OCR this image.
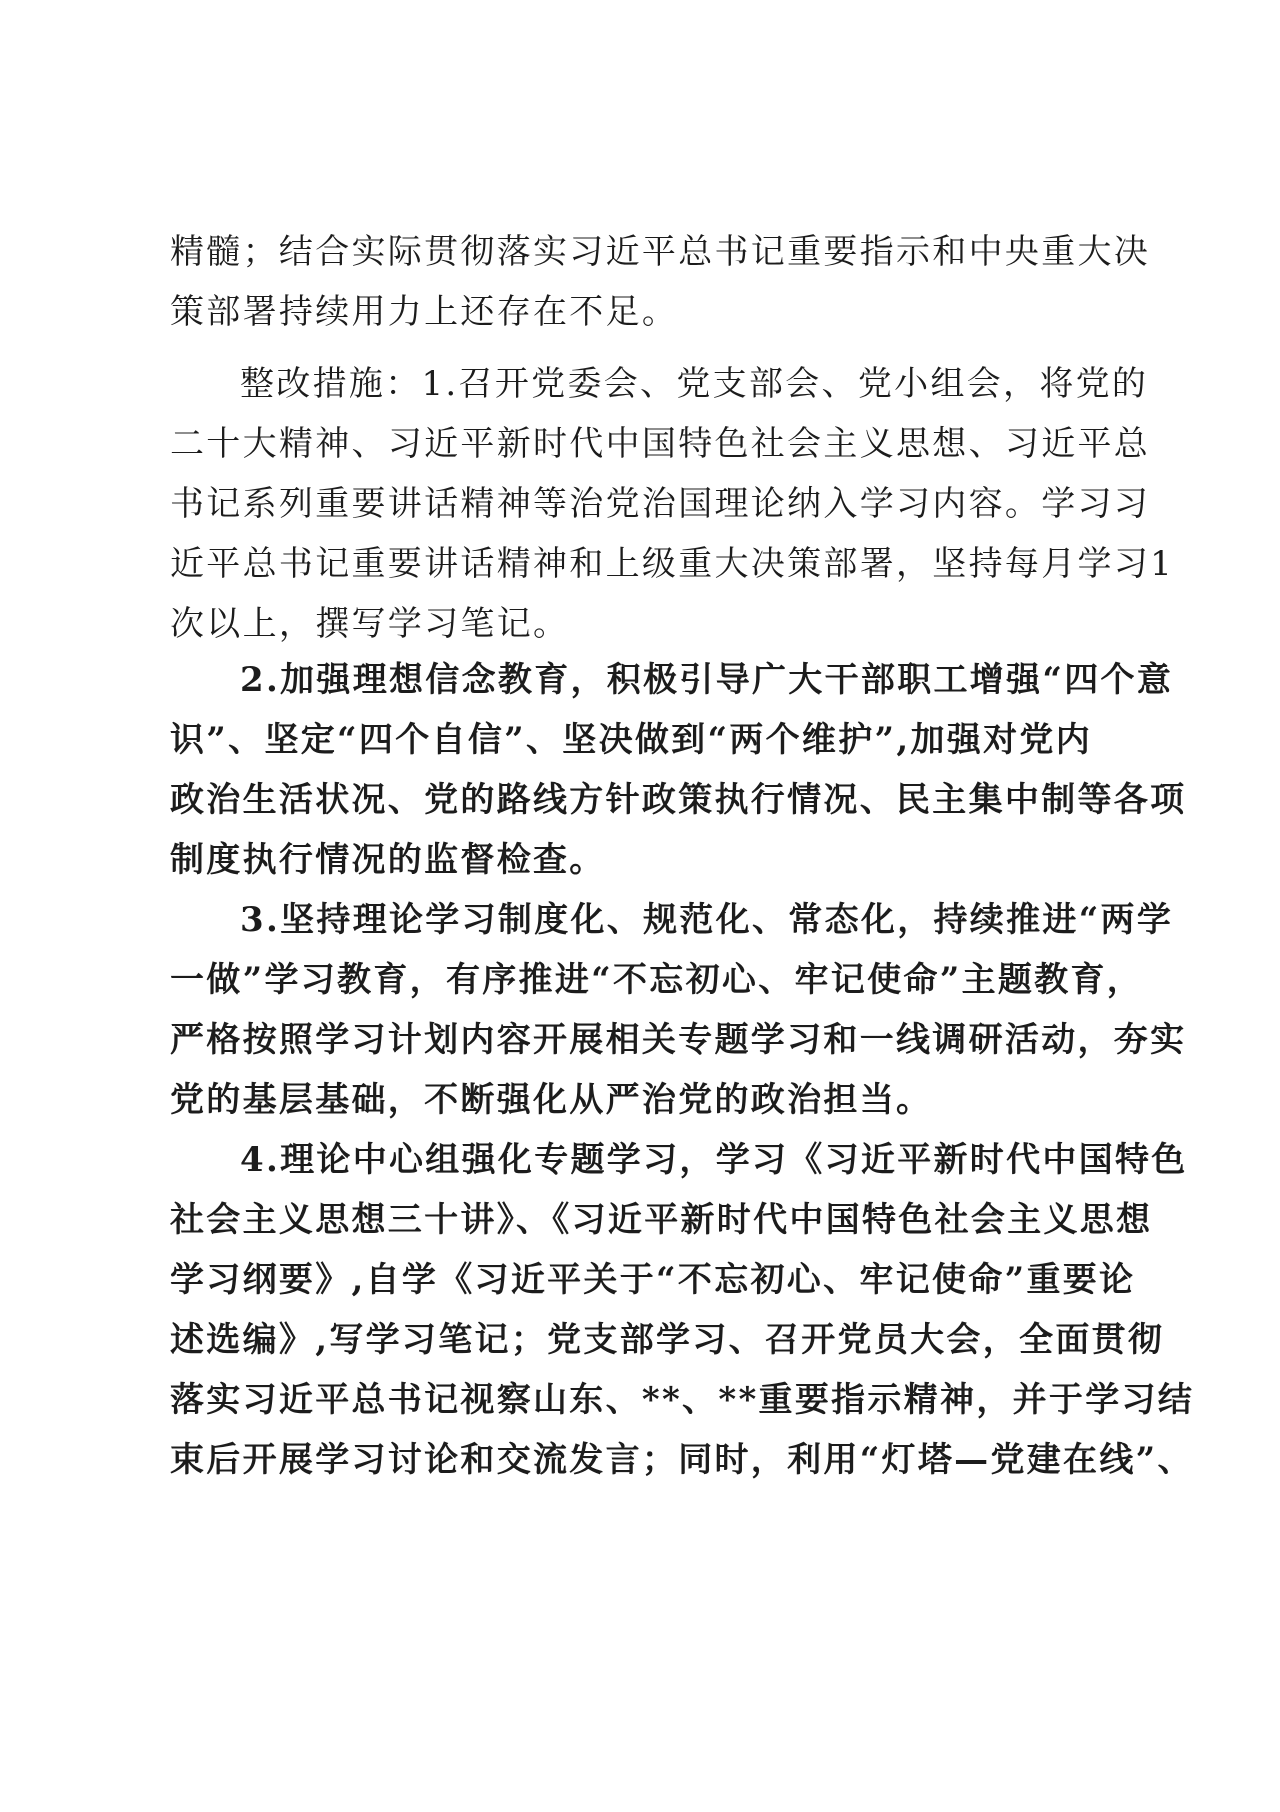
精髓；结合实际贯彻落实习近平总书记重要指示和中央重大决
策部署持续用力上还存在不足。
整改措施：1.召开党委会、党支部会、党小组会，将党的
二十大精神、习近平新时代中国特色社会主义思想、习近平总
书记系列重要讲话精神等治党治国理论纳入学习内容。学习习
近平总书记重要讲话精神和上级重大决策部署，坚持每月学习1
次以上，撰写学习笔记。
2.加强理想信念教育，积极引导广大干部职工增强“四个意
识”、坚定“四个自信”、坚决做到“两个维护”,加强对党内
政治生活状况、党的路线方针政策执行情况、民主集中制等各项
制度执行情况的监督检查。
3.坚持理论学习制度化、规范化、常态化，持续推进“两学
一做”学习教育，有序推进“不忘初心、牢记使命”主题教育，
严格按照学习计划内容开展相关专题学习和一线调研活动，夯实
党的基层基础，不断强化从严治党的政治担当。
4.理论中心组强化专题学习，学习《习近平新时代中国特色
社会主义思想三十讲》、《习近平新时代中国特色社会主义思想
学习纲要》,自学《习近平关于“不忘初心、牢记使命”重要论
述选编》,写学习笔记；党支部学习、召开党员大会，全面贯彻
落实习近平总书记视察山东、**、**重要指示精神，并于学习结
束后开展学习讨论和交流发言；同时，利用“灯塔—党建在线”、
